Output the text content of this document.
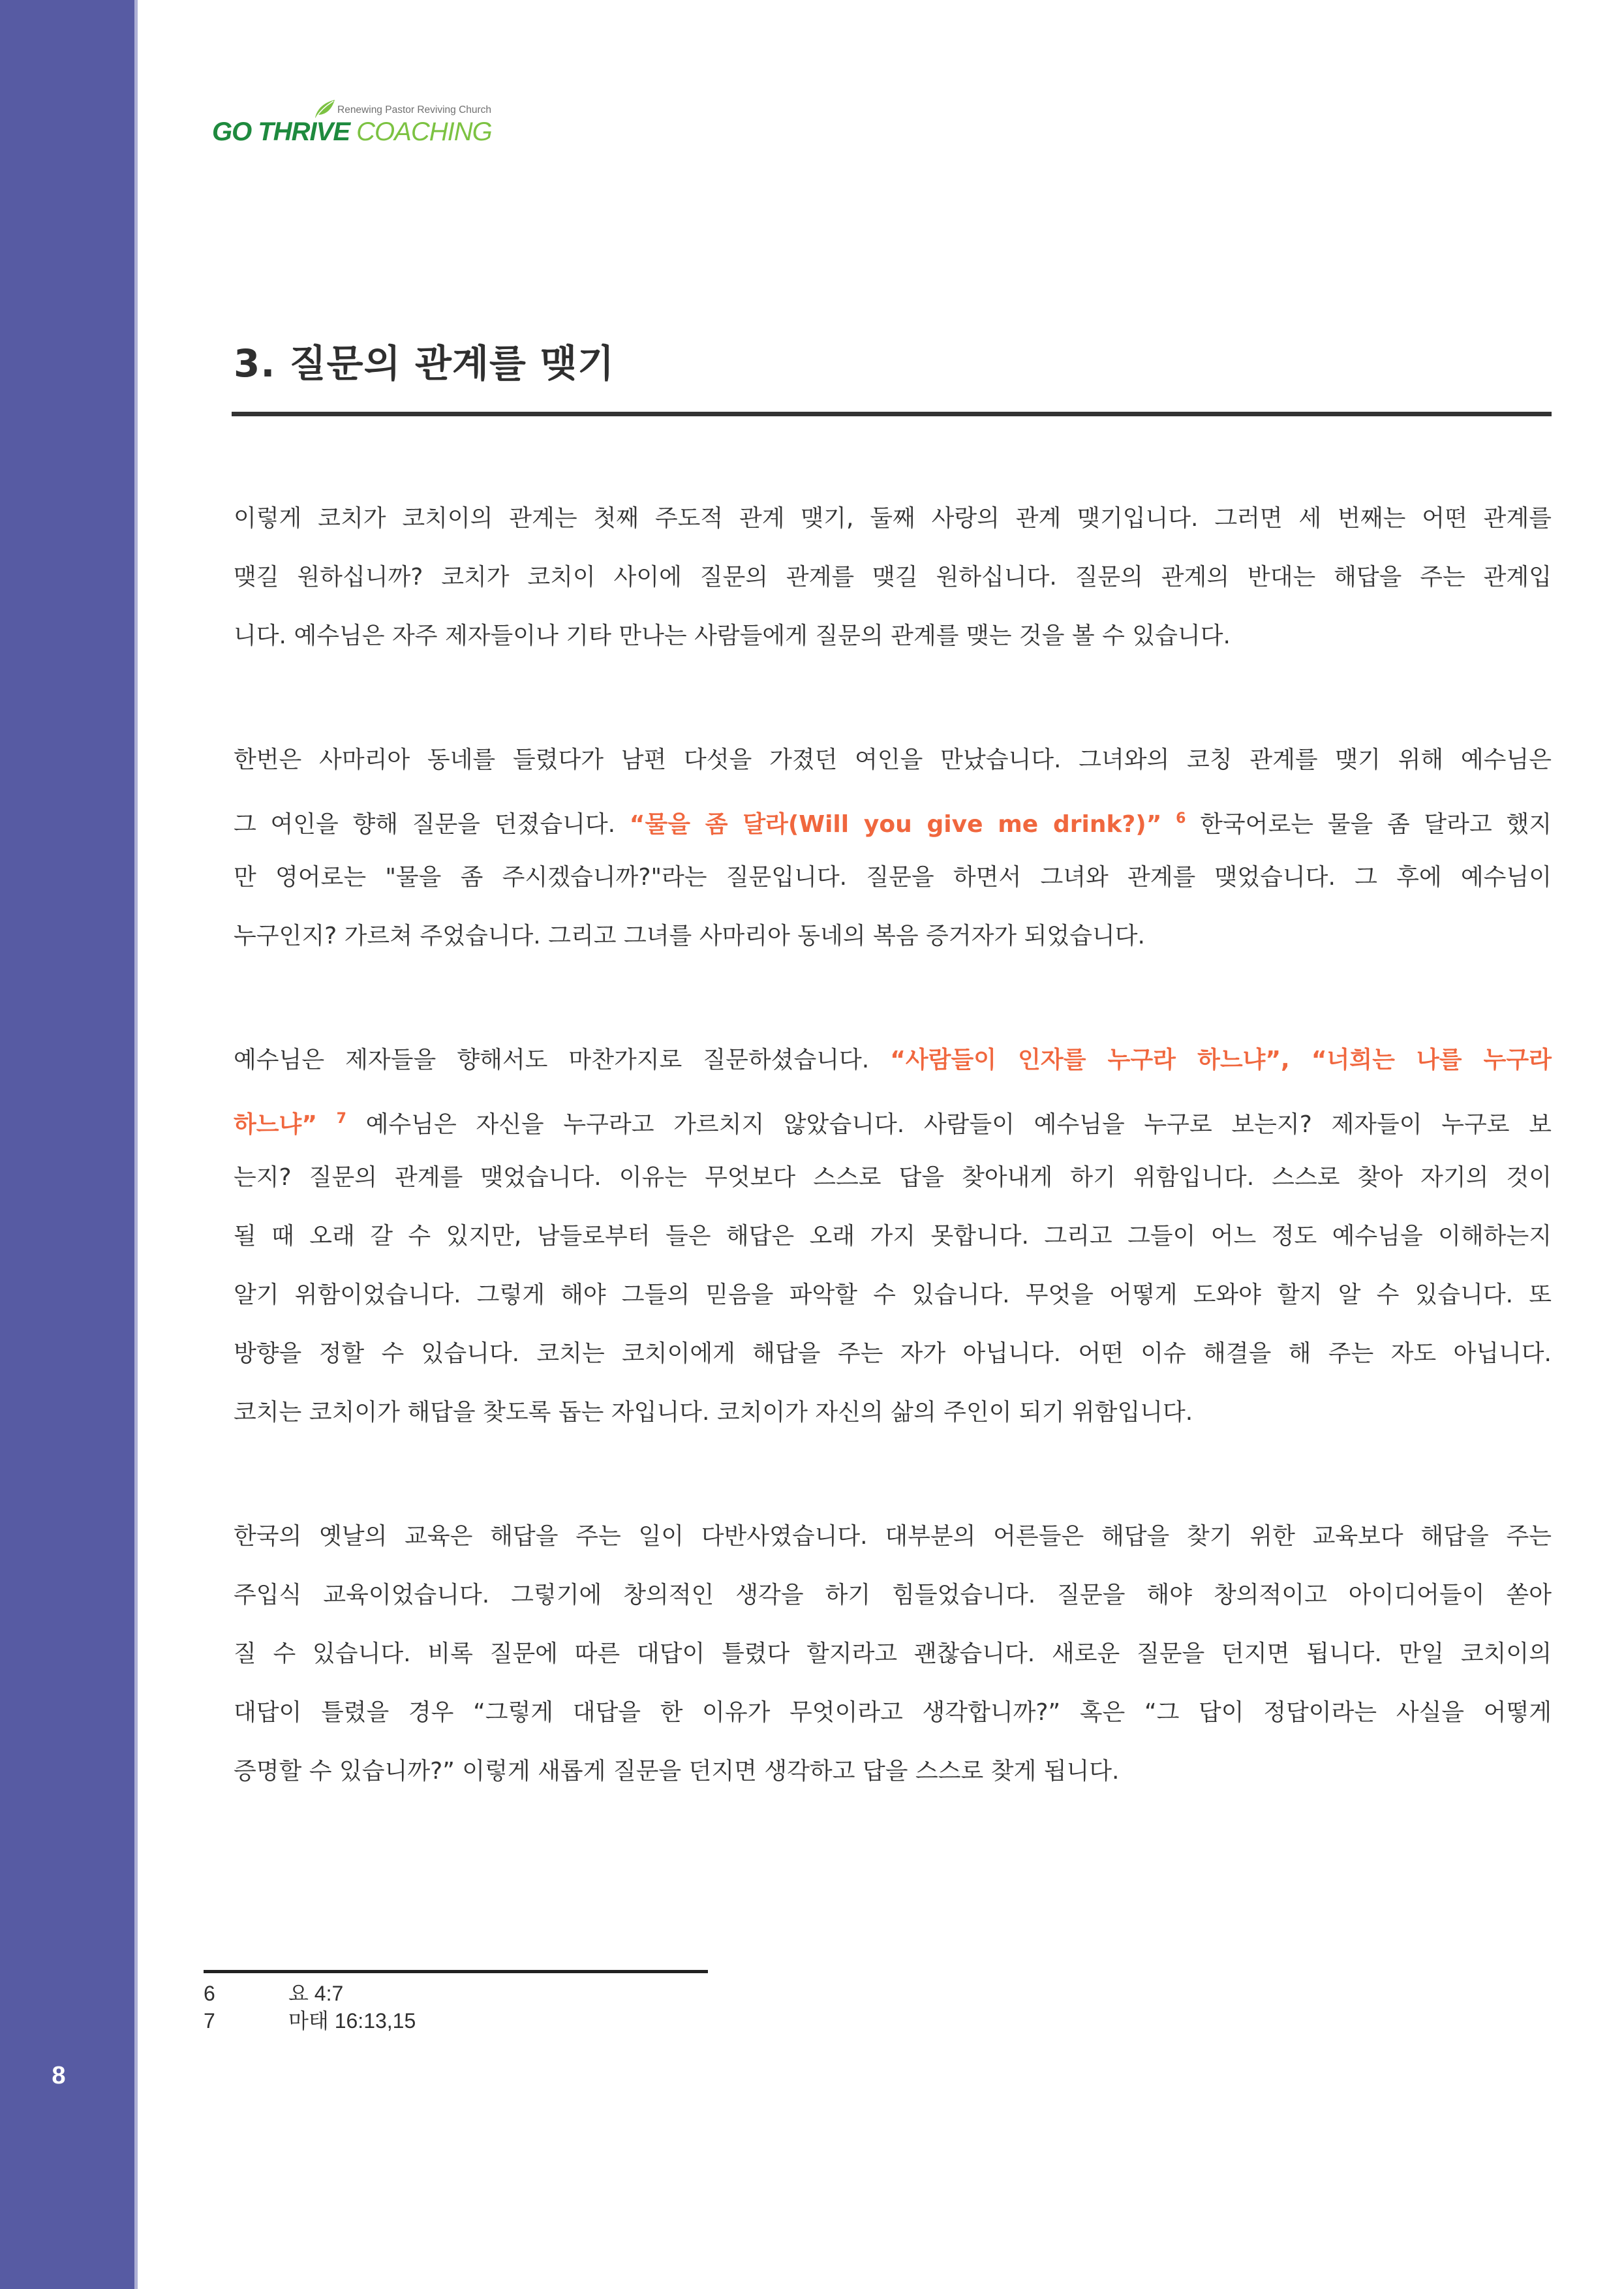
8
Renewing Pastor Reviving Church
GO THRIVE COACHING
3. 질문의 관계를 맺기
이렇게 코치가 코치이의 관계는 첫째 주도적 관계 맺기, 둘째 사랑의 관계 맺기입니다. 그러면 세 번째는 어떤 관계를
맺길 원하십니까? 코치가 코치이 사이에 질문의 관계를 맺길 원하십니다. 질문의 관계의 반대는 해답을 주는 관계입
니다. 예수님은 자주 제자들이나 기타 만나는 사람들에게 질문의 관계를 맺는 것을 볼 수 있습니다.
한번은 사마리아 동네를 들렸다가 남편 다섯을 가졌던 여인을 만났습니다. 그녀와의 코칭 관계를 맺기 위해 예수님은
그 여인을 향해 질문을 던졌습니다. “물을 좀 달라(Will you give me drink?)” $^6$ 한국어로는 물을 좀 달라고 했지
만 영어로는 "물을 좀 주시겠습니까?"라는 질문입니다. 질문을 하면서 그녀와 관계를 맺었습니다. 그 후에 예수님이
누구인지? 가르쳐 주었습니다. 그리고 그녀를 사마리아 동네의 복음 증거자가 되었습니다.
예수님은 제자들을 향해서도 마찬가지로 질문하셨습니다. “사람들이 인자를 누구라 하느냐”, “너희는 나를 누구라
하느냐” $^7$ 예수님은 자신을 누구라고 가르치지 않았습니다. 사람들이 예수님을 누구로 보는지? 제자들이 누구로 보
는지? 질문의 관계를 맺었습니다. 이유는 무엇보다 스스로 답을 찾아내게 하기 위함입니다. 스스로 찾아 자기의 것이
될 때 오래 갈 수 있지만, 남들로부터 들은 해답은 오래 가지 못합니다. 그리고 그들이 어느 정도 예수님을 이해하는지
알기 위함이었습니다. 그렇게 해야 그들의 믿음을 파악할 수 있습니다. 무엇을 어떻게 도와야 할지 알 수 있습니다. 또
방향을 정할 수 있습니다. 코치는 코치이에게 해답을 주는 자가 아닙니다. 어떤 이슈 해결을 해 주는 자도 아닙니다.
코치는 코치이가 해답을 찾도록 돕는 자입니다. 코치이가 자신의 삶의 주인이 되기 위함입니다.
한국의 옛날의 교육은 해답을 주는 일이 다반사였습니다. 대부분의 어른들은 해답을 찾기 위한 교육보다 해답을 주는
주입식 교육이었습니다. 그렇기에 창의적인 생각을 하기 힘들었습니다. 질문을 해야 창의적이고 아이디어들이 쏟아
질 수 있습니다. 비록 질문에 따른 대답이 틀렸다 할지라고 괜찮습니다. 새로운 질문을 던지면 됩니다. 만일 코치이의
대답이 틀렸을 경우 “그렇게 대답을 한 이유가 무엇이라고 생각합니까?” 혹은 “그 답이 정답이라는 사실을 어떻게
증명할 수 있습니까?” 이렇게 새롭게 질문을 던지면 생각하고 답을 스스로 찾게 됩니다.
6	요 4:7
7	마태 16:13,15
